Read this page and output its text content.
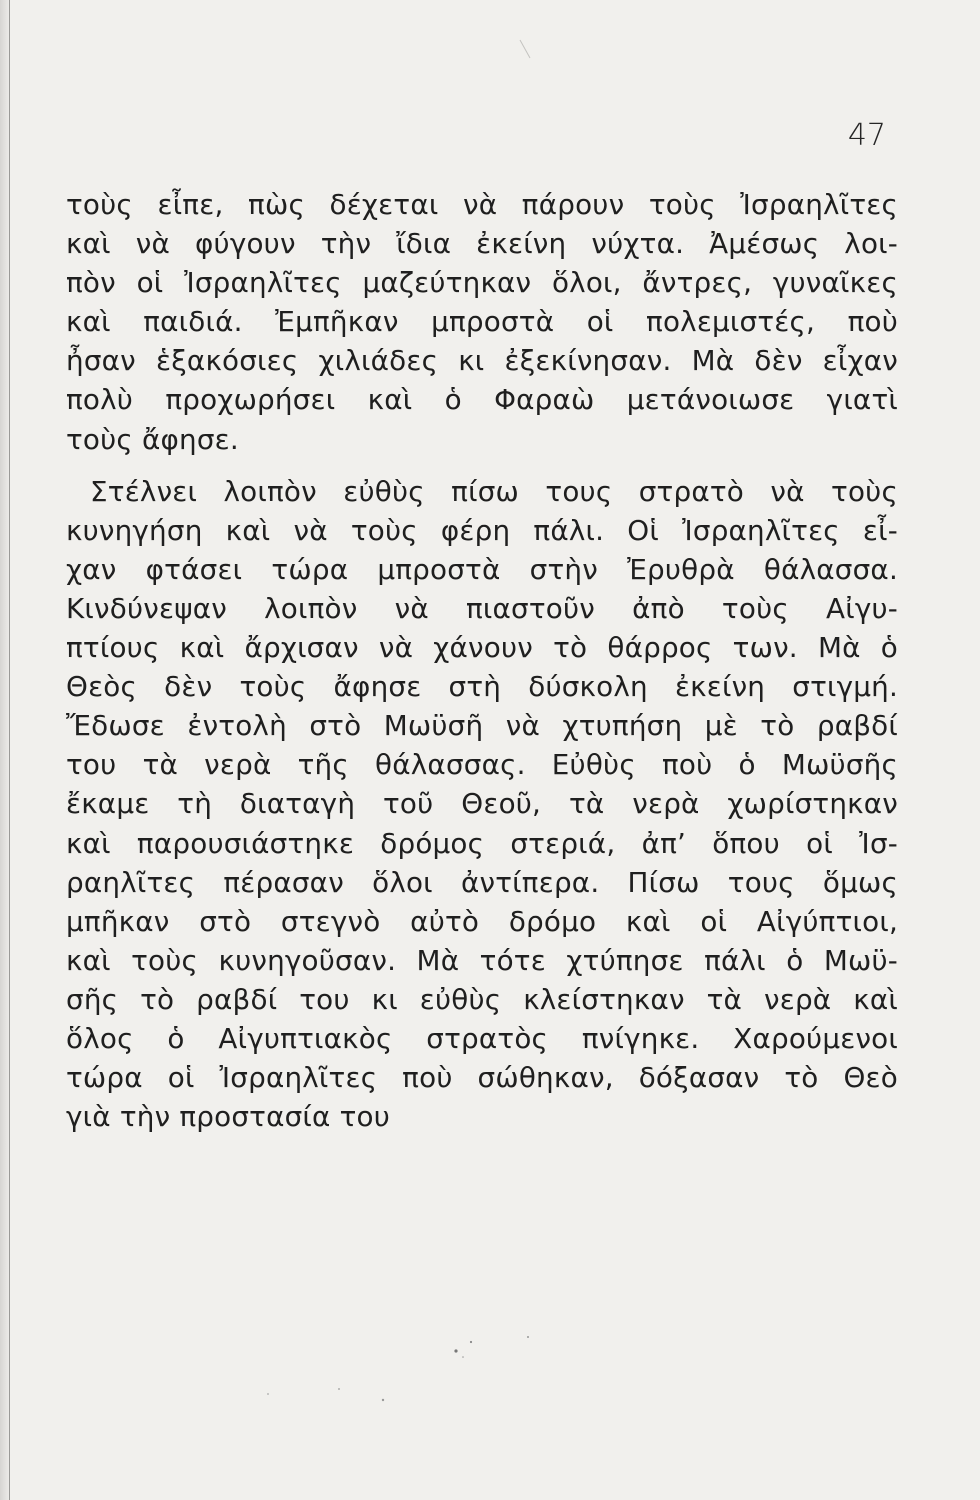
47
τοὺς εἶπε, πὼς δέχεται νὰ πάρουν τοὺς Ἰσραηλῖτες
καὶ νὰ φύγουν τὴν ἴδια ἐκείνη νύχτα. Ἀμέσως λοι-
πὸν οἱ Ἰσραηλῖτες μαζεύτηκαν ὅλοι, ἄντρες, γυναῖκες
καὶ παιδιά. Ἐμπῆκαν μπροστὰ οἱ πολεμιστές, ποὺ
ἦσαν ἑξακόσιες χιλιάδες κι ἐξεκίνησαν. Μὰ δὲν εἶχαν
πολὺ προχωρήσει καὶ ὁ Φαραὼ μετάνοιωσε γιατὶ
τοὺς ἄφησε.
Στέλνει λοιπὸν εὐθὺς πίσω τους στρατὸ νὰ τοὺς
κυνηγήση καὶ νὰ τοὺς φέρη πάλι. Οἱ Ἰσραηλῖτες εἶ-
χαν φτάσει τώρα μπροστὰ στὴν Ἐρυθρὰ θάλασσα.
Κινδύνεψαν λοιπὸν νὰ πιαστοῦν ἀπὸ τοὺς Αἰγυ-
πτίους καὶ ἄρχισαν νὰ χάνουν τὸ θάρρος των. Μὰ ὁ
Θεὸς δὲν τοὺς ἄφησε στὴ δύσκολη ἐκείνη στιγμή.
Ἔδωσε ἐντολὴ στὸ Μωϋσῆ νὰ χτυπήση μὲ τὸ ραβδί
του τὰ νερὰ τῆς θάλασσας. Εὐθὺς ποὺ ὁ Μωϋσῆς
ἔκαμε τὴ διαταγὴ τοῦ Θεοῦ, τὰ νερὰ χωρίστηκαν
καὶ παρουσιάστηκε δρόμος στεριά, ἀπ’ ὅπου οἱ Ἰσ-
ραηλῖτες πέρασαν ὅλοι ἀντίπερα. Πίσω τους ὅμως
μπῆκαν στὸ στεγνὸ αὐτὸ δρόμο καὶ οἱ Αἰγύπτιοι,
καὶ τοὺς κυνηγοῦσαν. Μὰ τότε χτύπησε πάλι ὁ Μωϋ-
σῆς τὸ ραβδί του κι εὐθὺς κλείστηκαν τὰ νερὰ καὶ
ὅλος ὁ Αἰγυπτιακὸς στρατὸς πνίγηκε. Χαρούμενοι
τώρα οἱ Ἰσραηλῖτες ποὺ σώθηκαν, δόξασαν τὸ Θεὸ
γιὰ τὴν προστασία του
